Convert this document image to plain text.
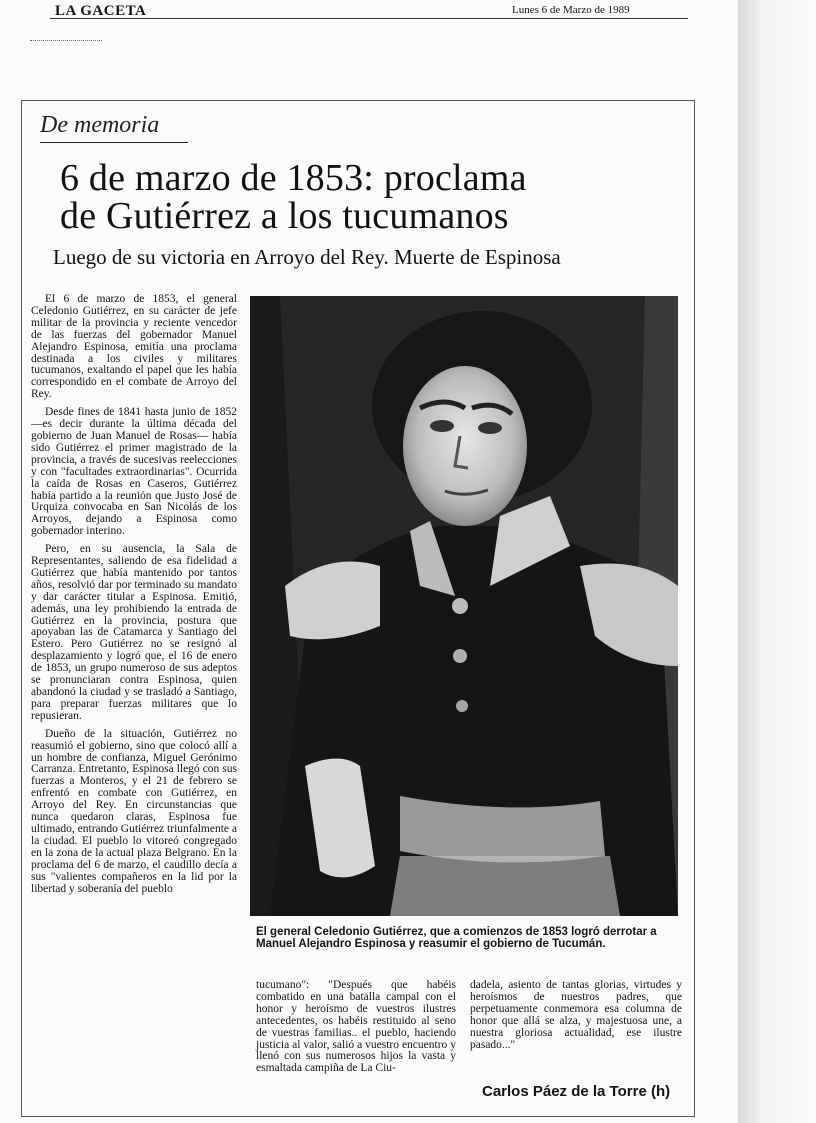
LA GACETA	Lunes 6 de Marzo de 1989
De memoria
6 de marzo de 1853: proclama
de Gutiérrez a los tucumanos
Luego de su victoria en Arroyo del Rey. Muerte de Espinosa

El 6 de marzo de 1853, el general Celedonio Gutiérrez, en su carácter de jefe militar de la provincia y reciente vencedor de las fuerzas del gobernador Manuel Alejandro Espinosa, emitía una proclama destinada a los civiles y militares tucumanos, exaltando el papel que les había correspondido en el combate de Arroyo del Rey.

Desde fines de 1841 hasta junio de 1852 —es decir durante la última década del gobierno de Juan Manuel de Rosas— había sido Gutiérrez el primer magistrado de la provincia, a través de sucesivas reelecciones y con "facultades extraordinarias". Ocurrida la caída de Rosas en Caseros, Gutiérrez había partido a la reunión que Justo José de Urquiza convocaba en San Nicolás de los Arroyos, dejando a Espinosa como gobernador interino.

Pero, en su ausencia, la Sala de Representantes, saliendo de esa fidelidad a Gutiérrez que había mantenido por tantos años, resolvió dar por terminado su mandato y dar carácter titular a Espinosa. Emitió, además, una ley prohibiendo la entrada de Gutiérrez en la provincia, postura que apoyaban las de Catamarca y Santiago del Estero. Pero Gutiérrez no se resignó al desplazamiento y logró que, el 16 de enero de 1853, un grupo numeroso de sus adeptos se pronunciaran contra Espinosa, quien abandonó la ciudad y se trasladó a Santiago, para preparar fuerzas militares que lo repusieran.

Dueño de la situación, Gutiérrez no reasumió el gobierno, sino que colocó allí a un hombre de confianza, Miguel Gerónimo Carranza. Entretanto, Espinosa llegó con sus fuerzas a Monteros, y el 21 de febrero se enfrentó en combate con Gutiérrez, en Arroyo del Rey. En circunstancias que nunca quedaron claras, Espinosa fue ultimado, entrando Gutiérrez triunfalmente a la ciudad. El pueblo lo vitoreó congregado en la zona de la actual plaza Belgrano. En la proclama del 6 de marzo, el caudillo decía a sus "valientes compañeros en la lid por la libertad y soberanía del pueblo

El general Celedonio Gutiérrez, que a comienzos de 1853 logró derrotar a Manuel Alejandro Espinosa y reasumir el gobierno de Tucumán.

tucumano": "Después que habéis combatido en una batalla campal con el honor y heroísmo de vuestros ilustres antecedentes, os habéis restituido al seno de vuestras familias.. el pueblo, haciendo justicia al valor, salió a vuestro encuentro y llenó con sus numerosos hijos la vasta y esmaltada campiña de La Ciu-

dadela, asiento de tantas glorias, virtudes y heroísmos de nuestros padres, que perpetuamente conmemora esa columna de honor que allá se alza, y majestuosa une, a nuestra gloriosa actualidad, ese ilustre pasado..."

Carlos Páez de la Torre (h)
